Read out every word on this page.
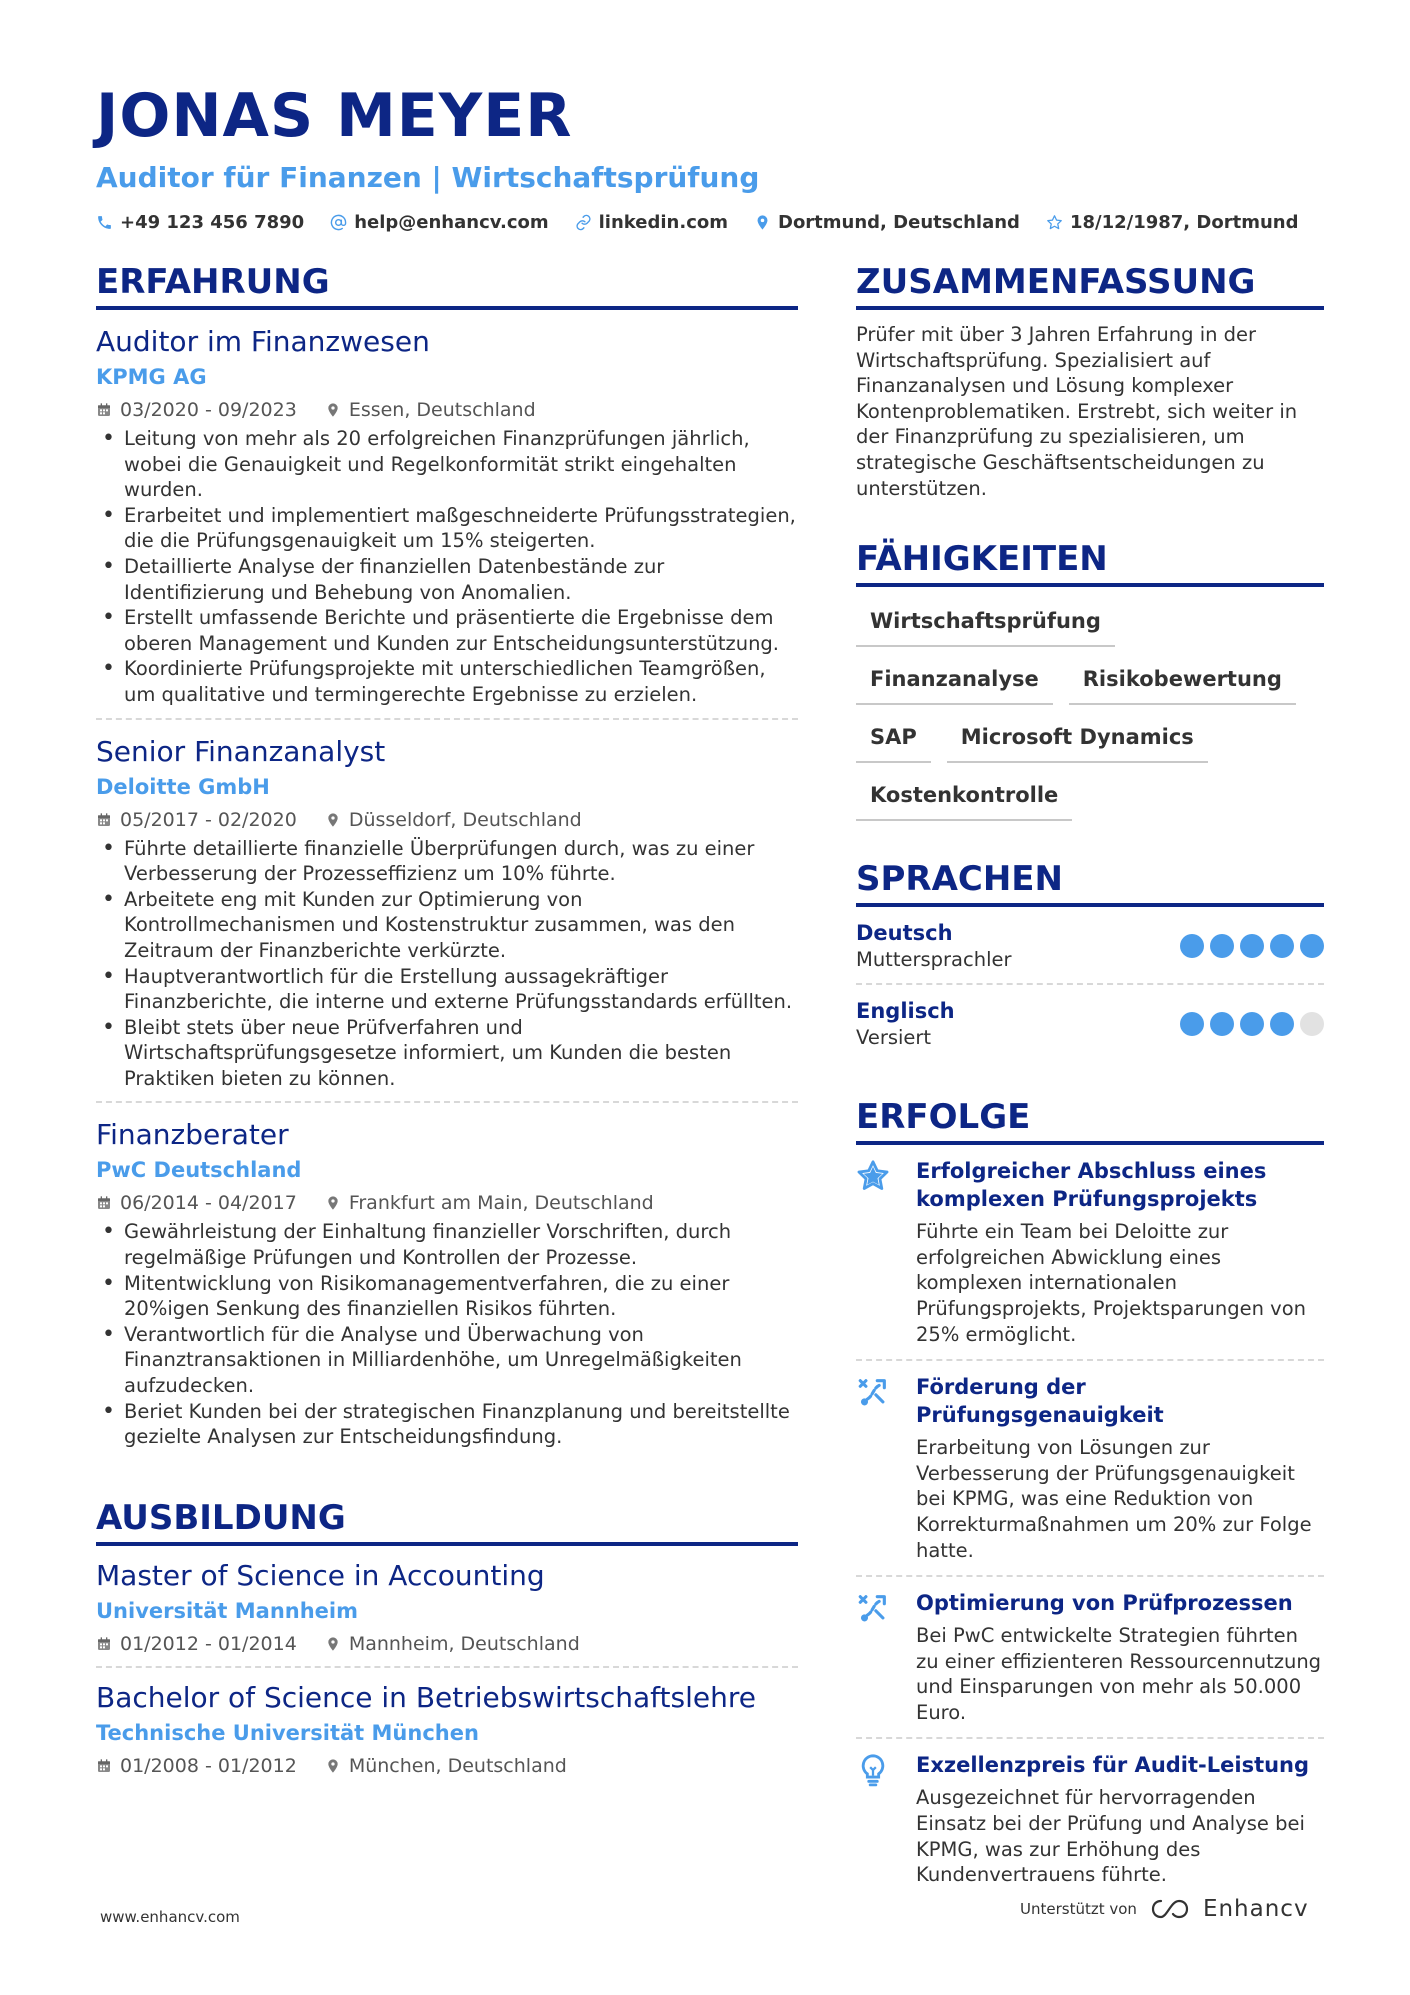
JONAS MEYER
Auditor für Finanzen | Wirtschaftsprüfung
+49 123 456 7890	help@enhancv.com	linkedin.com	Dortmund, Deutschland	18/12/1987, Dortmund
ERFAHRUNG
Auditor im Finanzwesen
KPMG AG
03/2020 - 09/2023	Essen, Deutschland
• Leitung von mehr als 20 erfolgreichen Finanzprüfungen jährlich, wobei die Genauigkeit und Regelkonformität strikt eingehalten wurden.
• Erarbeitet und implementiert maßgeschneiderte Prüfungsstrategien, die die Prüfungsgenauigkeit um 15% steigerten.
• Detaillierte Analyse der finanziellen Datenbestände zur Identifizierung und Behebung von Anomalien.
• Erstellt umfassende Berichte und präsentierte die Ergebnisse dem oberen Management und Kunden zur Entscheidungsunterstützung.
• Koordinierte Prüfungsprojekte mit unterschiedlichen Teamgrößen, um qualitative und termingerechte Ergebnisse zu erzielen.
Senior Finanzanalyst
Deloitte GmbH
05/2017 - 02/2020	Düsseldorf, Deutschland
• Führte detaillierte finanzielle Überprüfungen durch, was zu einer Verbesserung der Prozesseffizienz um 10% führte.
• Arbeitete eng mit Kunden zur Optimierung von Kontrollmechanismen und Kostenstruktur zusammen, was den Zeitraum der Finanzberichte verkürzte.
• Hauptverantwortlich für die Erstellung aussagekräftiger Finanzberichte, die interne und externe Prüfungsstandards erfüllten.
• Bleibt stets über neue Prüfverfahren und Wirtschaftsprüfungsgesetze informiert, um Kunden die besten Praktiken bieten zu können.
Finanzberater
PwC Deutschland
06/2014 - 04/2017	Frankfurt am Main, Deutschland
• Gewährleistung der Einhaltung finanzieller Vorschriften, durch regelmäßige Prüfungen und Kontrollen der Prozesse.
• Mitentwicklung von Risikomanagementverfahren, die zu einer 20%igen Senkung des finanziellen Risikos führten.
• Verantwortlich für die Analyse und Überwachung von Finanztransaktionen in Milliardenhöhe, um Unregelmäßigkeiten aufzudecken.
• Beriet Kunden bei der strategischen Finanzplanung und bereitstellte gezielte Analysen zur Entscheidungsfindung.
AUSBILDUNG
Master of Science in Accounting
Universität Mannheim
01/2012 - 01/2014	Mannheim, Deutschland
Bachelor of Science in Betriebswirtschaftslehre
Technische Universität München
01/2008 - 01/2012	München, Deutschland
ZUSAMMENFASSUNG
Prüfer mit über 3 Jahren Erfahrung in der Wirtschaftsprüfung. Spezialisiert auf Finanzanalysen und Lösung komplexer Kontenproblematiken. Erstrebt, sich weiter in der Finanzprüfung zu spezialisieren, um strategische Geschäftsentscheidungen zu unterstützen.
FÄHIGKEITEN
Wirtschaftsprüfung
Finanzanalyse	Risikobewertung
SAP	Microsoft Dynamics
Kostenkontrolle
SPRACHEN
Deutsch
Muttersprachler
Englisch
Versiert
ERFOLGE
Erfolgreicher Abschluss eines komplexen Prüfungsprojekts
Führte ein Team bei Deloitte zur erfolgreichen Abwicklung eines komplexen internationalen Prüfungsprojekts, Projektsparungen von 25% ermöglicht.
Förderung der Prüfungsgenauigkeit
Erarbeitung von Lösungen zur Verbesserung der Prüfungsgenauigkeit bei KPMG, was eine Reduktion von Korrekturmaßnahmen um 20% zur Folge hatte.
Optimierung von Prüfprozessen
Bei PwC entwickelte Strategien führten zu einer effizienteren Ressourcennutzung und Einsparungen von mehr als 50.000 Euro.
Exzellenzpreis für Audit-Leistung
Ausgezeichnet für hervorragenden Einsatz bei der Prüfung und Analyse bei KPMG, was zur Erhöhung des Kundenvertrauens führte.
www.enhancv.com	Unterstützt von	Enhancv
